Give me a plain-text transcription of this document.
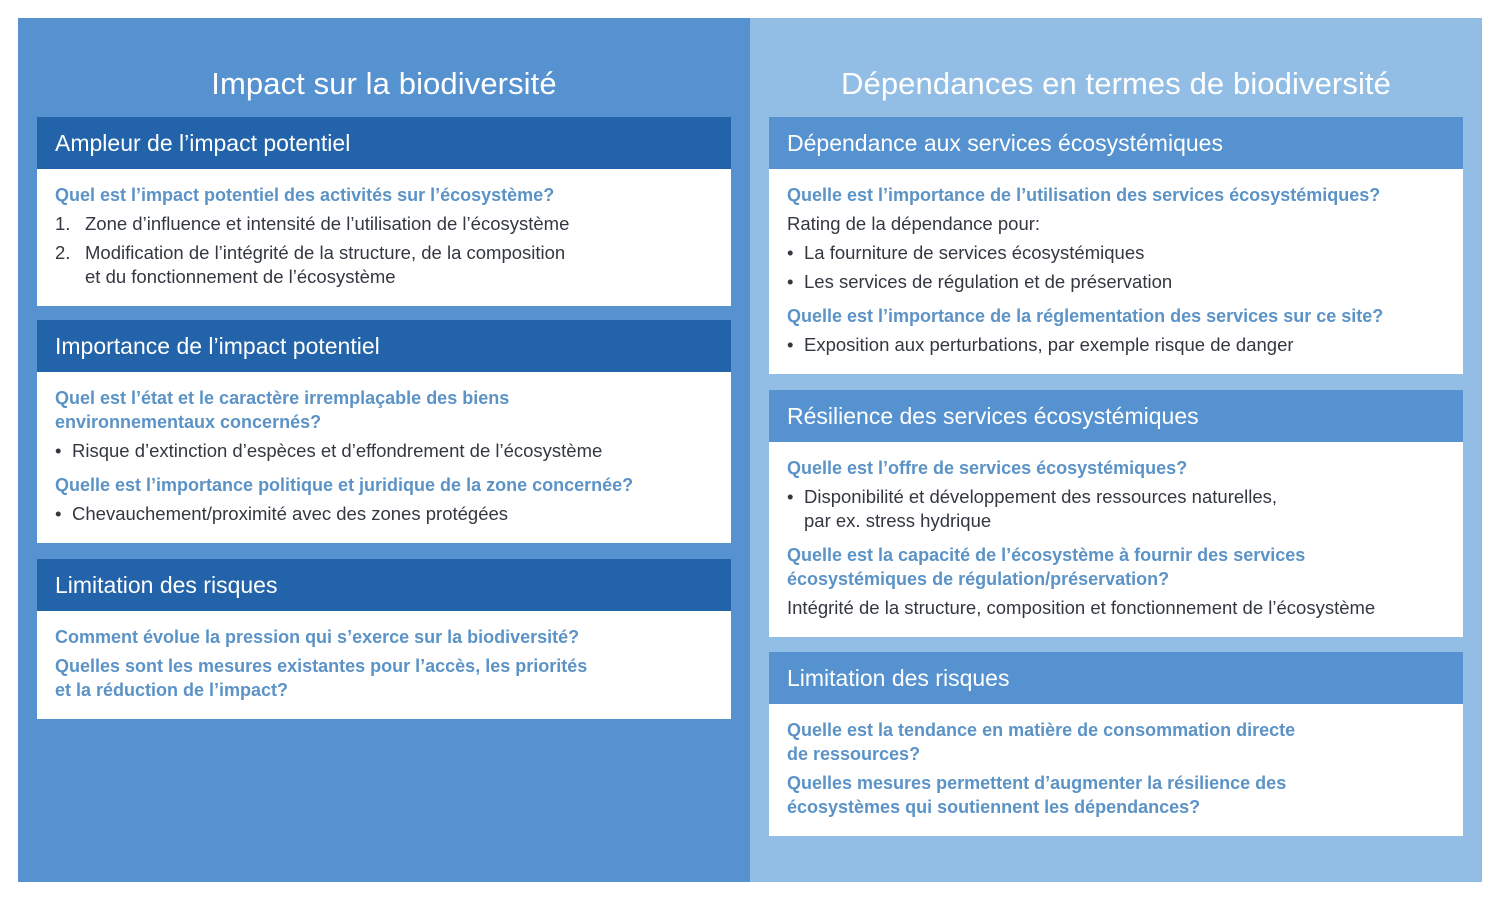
Impact sur la biodiversité
Ampleur de l’impact potentiel
Quel est l’impact potentiel des activités sur l’écosystème?
1. Zone d’influence et intensité de l’utilisation de l’écosystème
2. Modification de l’intégrité de la structure, de la composition
et du fonctionnement de l’écosystème
Importance de l’impact potentiel
Quel est l’état et le caractère irremplaçable des biens
environnementaux concernés?
• Risque d’extinction d’espèces et d’effondrement de l’écosystème
Quelle est l’importance politique et juridique de la zone concernée?
• Chevauchement/proximité avec des zones protégées
Limitation des risques
Comment évolue la pression qui s’exerce sur la biodiversité?
Quelles sont les mesures existantes pour l’accès, les priorités
et la réduction de l’impact?
Dépendances en termes de biodiversité
Dépendance aux services écosystémiques
Quelle est l’importance de l’utilisation des services écosystémiques?
Rating de la dépendance pour:
• La fourniture de services écosystémiques
• Les services de régulation et de préservation
Quelle est l’importance de la réglementation des services sur ce site?
• Exposition aux perturbations, par exemple risque de danger
Résilience des services écosystémiques
Quelle est l’offre de services écosystémiques?
• Disponibilité et développement des ressources naturelles,
par ex. stress hydrique
Quelle est la capacité de l’écosystème à fournir des services
écosystémiques de régulation/préservation?
Intégrité de la structure, composition et fonctionnement de l’écosystème
Limitation des risques
Quelle est la tendance en matière de consommation directe
de ressources?
Quelles mesures permettent d’augmenter la résilience des
écosystèmes qui soutiennent les dépendances?
